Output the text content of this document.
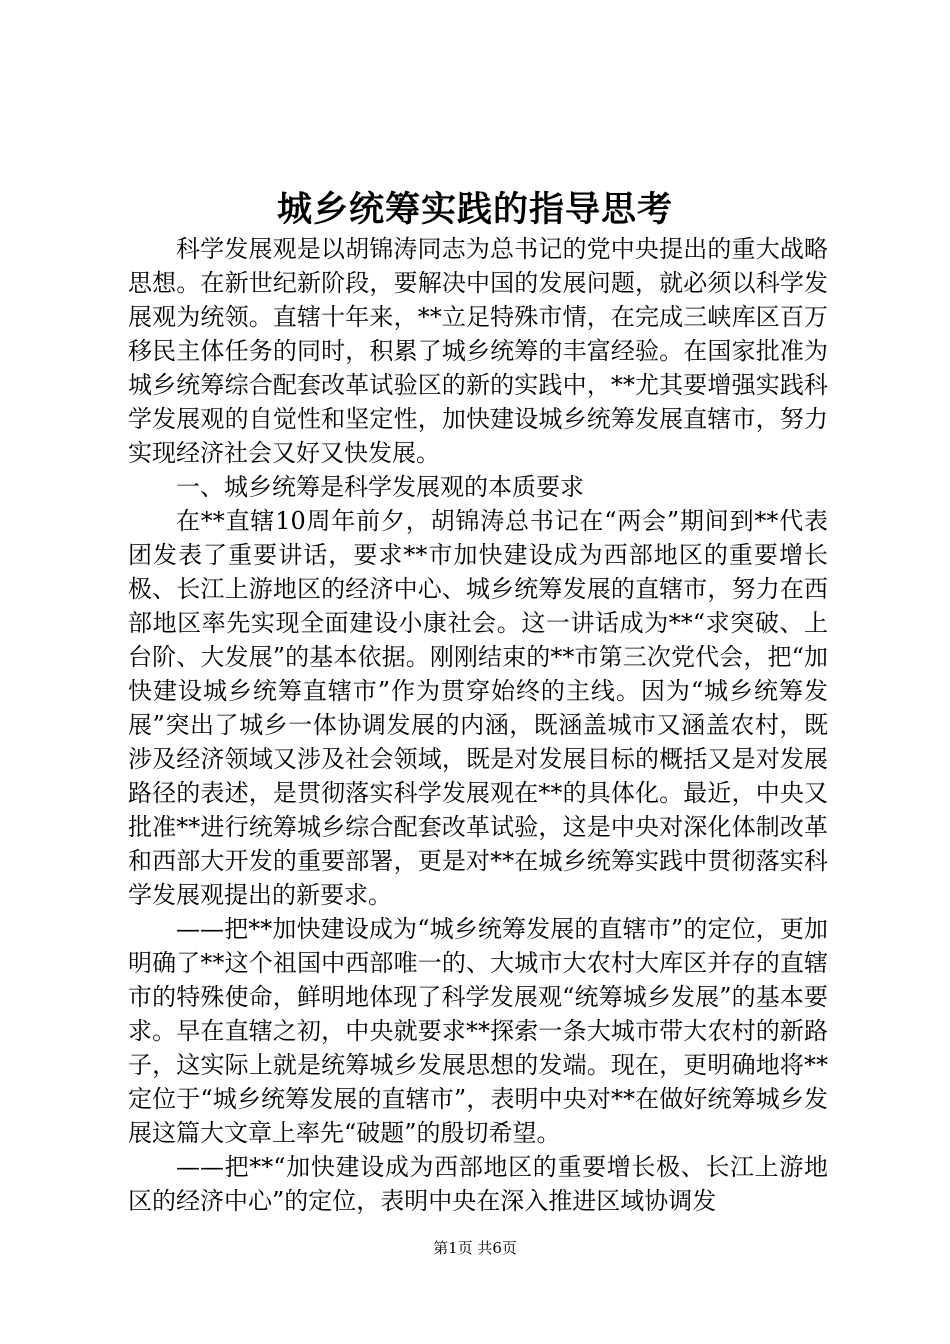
城乡统筹实践的指导思考

科学发展观是以胡锦涛同志为总书记的党中央提出的重大战略思想。在新世纪新阶段，要解决中国的发展问题，就必须以科学发展观为统领。直辖十年来，**立足特殊市情，在完成三峡库区百万移民主体任务的同时，积累了城乡统筹的丰富经验。在国家批准为城乡统筹综合配套改革试验区的新的实践中，**尤其要增强实践科学发展观的自觉性和坚定性，加快建设城乡统筹发展直辖市，努力实现经济社会又好又快发展。

一、城乡统筹是科学发展观的本质要求

在**直辖10周年前夕，胡锦涛总书记在“两会”期间到**代表团发表了重要讲话，要求**市加快建设成为西部地区的重要增长极、长江上游地区的经济中心、城乡统筹发展的直辖市，努力在西部地区率先实现全面建设小康社会。这一讲话成为**“求突破、上台阶、大发展”的基本依据。刚刚结束的**市第三次党代会，把“加快建设城乡统筹直辖市”作为贯穿始终的主线。因为“城乡统筹发展”突出了城乡一体协调发展的内涵，既涵盖城市又涵盖农村，既涉及经济领域又涉及社会领域，既是对发展目标的概括又是对发展路径的表述，是贯彻落实科学发展观在**的具体化。最近，中央又批准**进行统筹城乡综合配套改革试验，这是中央对深化体制改革和西部大开发的重要部署，更是对**在城乡统筹实践中贯彻落实科学发展观提出的新要求。

——把**加快建设成为“城乡统筹发展的直辖市”的定位，更加明确了**这个祖国中西部唯一的、大城市大农村大库区并存的直辖市的特殊使命，鲜明地体现了科学发展观“统筹城乡发展”的基本要求。早在直辖之初，中央就要求**探索一条大城市带大农村的新路子，这实际上就是统筹城乡发展思想的发端。现在，更明确地将**定位于“城乡统筹发展的直辖市”，表明中央对**在做好统筹城乡发展这篇大文章上率先“破题”的殷切希望。

——把**“加快建设成为西部地区的重要增长极、长江上游地区的经济中心”的定位，表明中央在深入推进区域协调发

第1页 共6页
